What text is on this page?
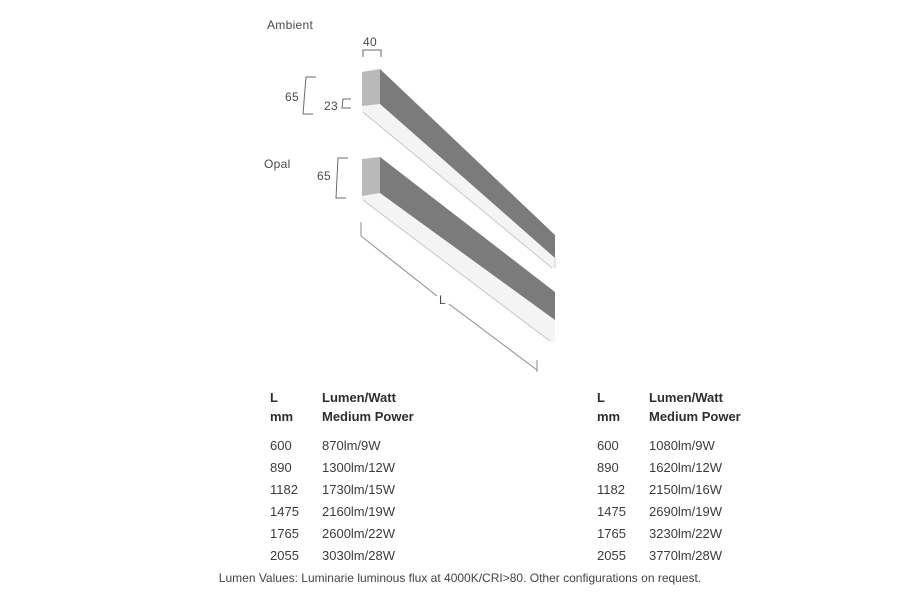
Ambient
40
65
23
Opal
65
L
L	Lumen/Watt
mm Medium Power
600 870lm/9W
890 1300lm/12W
1182 1730lm/15W
1475 2160lm/19W
1765 2600lm/22W
2055 3030lm/28W
L	Lumen/Watt
mm Medium Power
600 1080lm/9W
890 1620lm/12W
1182 2150lm/16W
1475 2690lm/19W
1765 3230lm/22W
2055 3770lm/28W
Lumen Values: Luminarie luminous flux at 4000K/CRI>80. Other configurations on request.
